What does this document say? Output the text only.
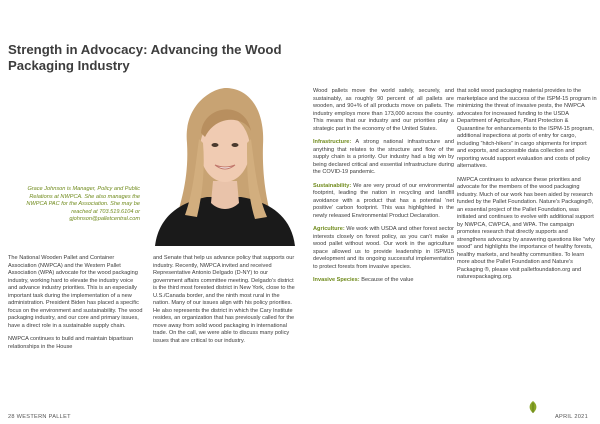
Strength in Advocacy: Advancing the Wood Packaging Industry
Grace Johnson is Manager, Policy and Public Relations at NWPCA. She also manages the NWPCA PAC for the Association. She may be reached at 703.519.6104 or gjohnson@palletcentral.com

The National Wooden Pallet and Container Association (NWPCA) and the Western Pallet Association (WPA) advocate for the wood packaging industry, working hard to elevate the industry voice and advance industry priorities. This is an especially important task during the implementation of a new administration. President Biden has placed a specific focus on the environment and sustainability. The wood packaging industry, and our core and primary issues, have a direct role in a sustainable supply chain.

NWPCA continues to build and maintain bipartisan relationships in the House

and Senate that help us advance policy that supports our industry. Recently, NWPCA invited and received Representative Antonio Delgado (D-NY) to our government affairs committee meeting. Delgado’s district is the third most forested district in New York, close to the U.S./Canada border, and the ninth most rural in the nation. Many of our issues align with his policy priorities. He also represents the district in which the Cary Institute resides, an organization that has previously called for the move away from solid wood packaging in international trade. On the call, we were able to discuss many policy issues that are critical to our industry.

Wood pallets move the world safely, securely, and sustainably, as roughly 90 percent of all pallets are wooden, and 90+% of all products move on pallets. The industry employs more than 173,000 across the country. This means that our industry and our priorities play a strategic part in the economy of the United States.

Infrastructure: A strong national infrastructure and anything that relates to the structure and flow of the supply chain is a priority. Our industry had a big win by being declared critical and essential infrastructure during the COVID-19 pandemic.

Sustainability: We are very proud of our environmental footprint, leading the nation in recycling and landfill avoidance with a product that has a potential ‘net positive’ carbon footprint. This was highlighted in the newly released Environmental Product Declaration.

Agriculture: We work with USDA and other forest sector interests closely on forest policy, as you can’t make a wood pallet without wood. Our work in the agriculture space allowed us to provide leadership in ISPM15 development and its ongoing successful implementation to protect forests from invasive species.

Invasive Species: Because of the value

that solid wood packaging material provides to the marketplace and the success of the ISPM-15 program in minimizing the threat of invasive pests, the NWPCA advocates for increased funding to the USDA Department of Agriculture, Plant Protection & Quarantine for enhancements to the ISPM-15 program, additional inspections at ports of entry for cargo, including “hitch-hikers” in cargo shipments for import and exports, and accessible data collection and reporting would support evaluation and costs of policy alternatives.

NWPCA continues to advance these priorities and advocate for the members of the wood packaging industry. Much of our work has been aided by research funded by the Pallet Foundation. Nature’s Packaging®, an essential project of the Pallet Foundation, was initiated and continues to evolve with additional support by NWPCA, CWPCA, and WPA. The campaign promotes research that directly supports and strengthens advocacy by answering questions like “why wood” and highlights the importance of healthy forests, healthy markets, and healthy communities. To learn more about the Pallet Foundation and Nature’s Packaging ®, please visit palletfoundation.org and naturespackaging.org.

28 WESTERN PALLET	APRIL 2021
